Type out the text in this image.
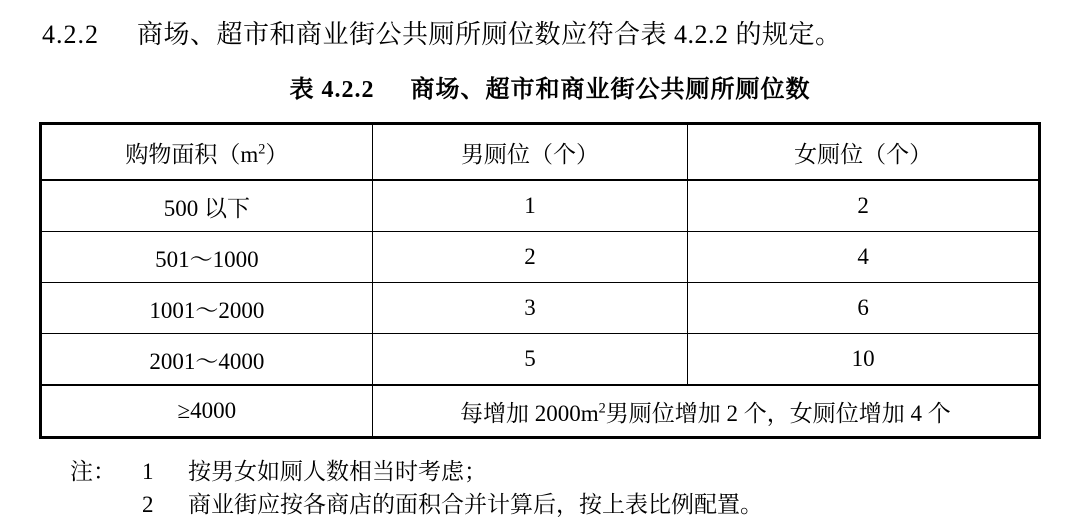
4.2.2 商场、超市和商业街公共厕所厕位数应符合表 4.2.2 的规定。
表 4.2.2 商场、超市和商业街公共厕所厕位数
购物面积$(m^2)$	男厕位（个）	女厕位（个）
500 以下	1	2
501～1000	2	4
1001～2000	3	6
2001～4000	5	10
≥4000	每增加 $2000m^2$男厕位增加 2 个，女厕位增加 4 个	
注：	1	按男女如厕人数相当时考虑；
2	商业街应按各商店的面积合并计算后，按上表比例配置。
